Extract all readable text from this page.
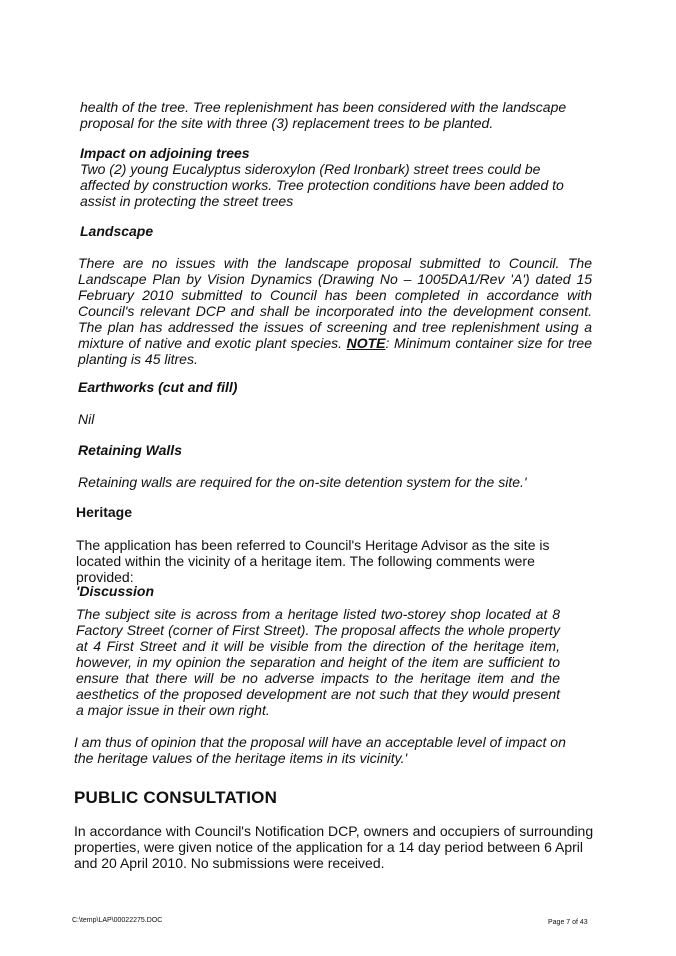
health of the tree. Tree replenishment has been considered with the landscape proposal for the site with three (3) replacement trees to be planted.
Impact on adjoining trees
Two (2) young Eucalyptus sideroxylon (Red Ironbark) street trees could be affected by construction works. Tree protection conditions have been added to assist in protecting the street trees
Landscape
There are no issues with the landscape proposal submitted to Council. The Landscape Plan by Vision Dynamics (Drawing No – 1005DA1/Rev 'A') dated 15 February 2010 submitted to Council has been completed in accordance with Council's relevant DCP and shall be incorporated into the development consent. The plan has addressed the issues of screening and tree replenishment using a mixture of native and exotic plant species. NOTE: Minimum container size for tree planting is 45 litres.
Earthworks (cut and fill)
Nil
Retaining Walls
Retaining walls are required for the on-site detention system for the site.'
Heritage
The application has been referred to Council's Heritage Advisor as the site is located within the vicinity of a heritage item. The following comments were provided:
'Discussion
The subject site is across from a heritage listed two-storey shop located at 8 Factory Street (corner of First Street). The proposal affects the whole property at 4 First Street and it will be visible from the direction of the heritage item, however, in my opinion the separation and height of the item are sufficient to ensure that there will be no adverse impacts to the heritage item and the aesthetics of the proposed development are not such that they would present a major issue in their own right.
I am thus of opinion that the proposal will have an acceptable level of impact on the heritage values of the heritage items in its vicinity.'
PUBLIC CONSULTATION
In accordance with Council's Notification DCP, owners and occupiers of surrounding properties, were given notice of the application for a 14 day period between 6 April and 20 April 2010. No submissions were received.
C:\temp\LAP\00022275.DOC	Page 7 of 43
